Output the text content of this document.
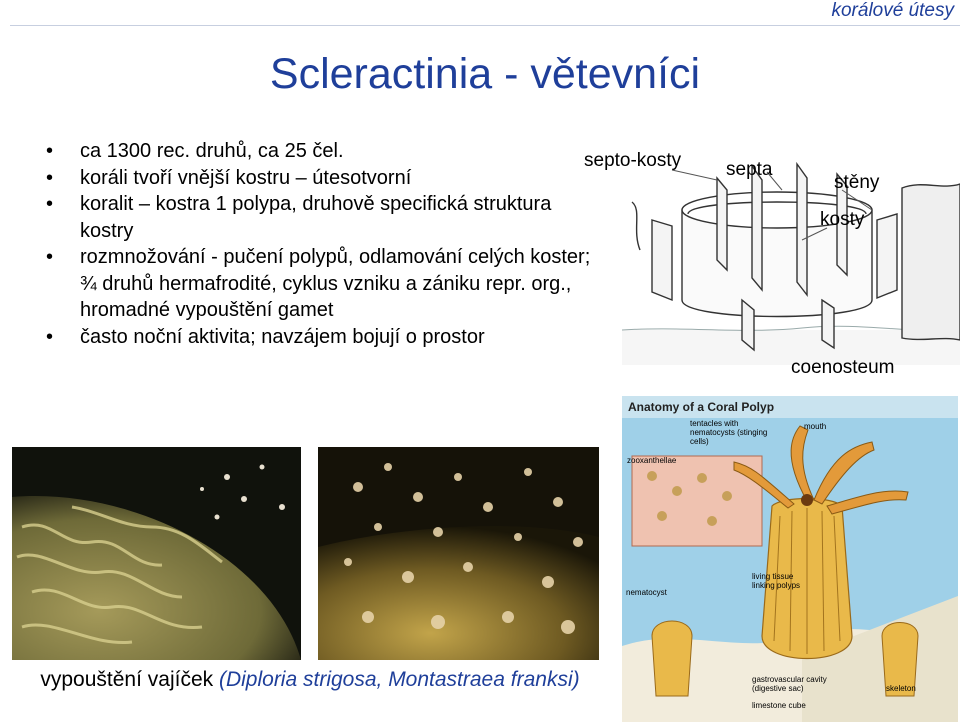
korálové útesy
Scleractinia - větevníci
• ca 1300 rec. druhů, ca 25 čel.
• koráli tvoří vnější kostru – útesotvorní
• koralit – kostra 1 polypa, druhově specifická struktura kostry
• rozmnožování - pučení polypů, odlamování celých koster; ¾ druhů hermafrodité, cyklus vzniku a zániku repr. org., hromadné vypouštění gamet
• často noční aktivita; navzájem bojují o prostor
septo-kosty septa
stěny
kosty
coenosteum
Anatomy of a Coral Polyp
tentacles with nematocysts (stinging cells)
mouth
zooxanthellae
living tissue linking polyps
nematocyst
gastrovascular cavity (digestive sac)	skeleton
limestone cube
vypouštění vajíček (Diploria strigosa, Montastraea franksi)
